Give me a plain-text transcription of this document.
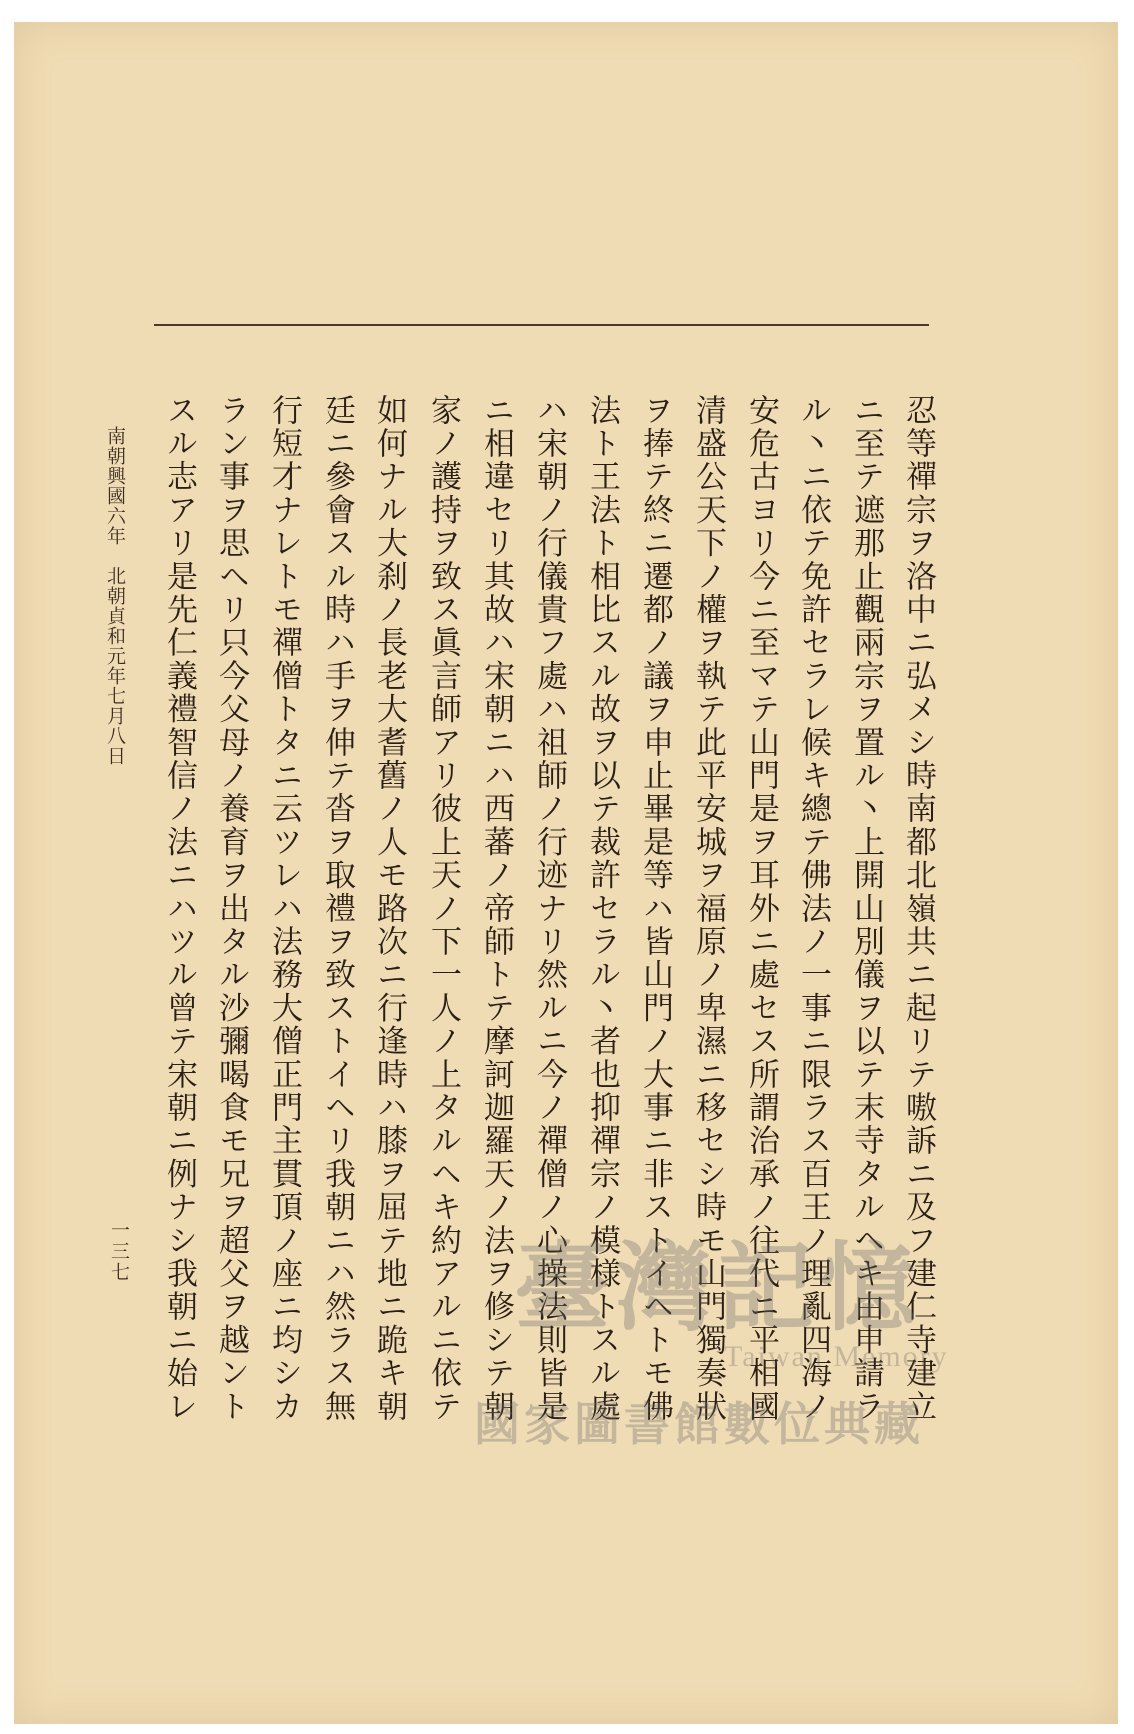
忍等禪宗ヲ洛中ニ弘メシ時南都北嶺共ニ起リテ嗷訴ニ及フ建仁寺建立
ニ至テ遮那止觀兩宗ヲ置ル丶上開山別儀ヲ以テ末寺タルヘキ由申請ラ
ル丶ニ依テ免許セラレ候キ總テ佛法ノ一事ニ限ラス百王ノ理亂四海ノ
安危古ヨリ今ニ至マテ山門是ヲ耳外ニ處セス所謂治承ノ往代ニ平相國
清盛公天下ノ權ヲ執テ此平安城ヲ福原ノ卑濕ニ移セシ時モ山門獨奏狀
ヲ捧テ終ニ遷都ノ議ヲ申止畢是等ハ皆山門ノ大事ニ非ストイヘトモ佛
法ト王法ト相比スル故ヲ以テ裁許セラル丶者也抑禪宗ノ模様トスル處
ハ宋朝ノ行儀貴フ處ハ祖師ノ行迹ナリ然ルニ今ノ禪僧ノ心操法則皆是
ニ相違セリ其故ハ宋朝ニハ西蕃ノ帝師トテ摩訶迦羅天ノ法ヲ修シテ朝
家ノ護持ヲ致ス眞言師アリ彼上天ノ下一人ノ上タルヘキ約アルニ依テ
如何ナル大刹ノ長老大耆舊ノ人モ路次ニ行逢時ハ膝ヲ屈テ地ニ跪キ朝
廷ニ參會スル時ハ手ヲ伸テ沓ヲ取禮ヲ致ストイヘリ我朝ニハ然ラス無
行短才ナレトモ禪僧トタニ云ツレハ法務大僧正門主貫頂ノ座ニ均シカ
ラン事ヲ思ヘリ只今父母ノ養育ヲ出タル沙彌喝食モ兄ヲ超父ヲ越ント
スル志アリ是先仁義禮智信ノ法ニハツル曾テ宋朝ニ例ナシ我朝ニ始レ
南朝興國六年　北朝貞和元年七月八日
一三七	臺灣記憶
Taiwan Memory
國家圖書館數位典藏
